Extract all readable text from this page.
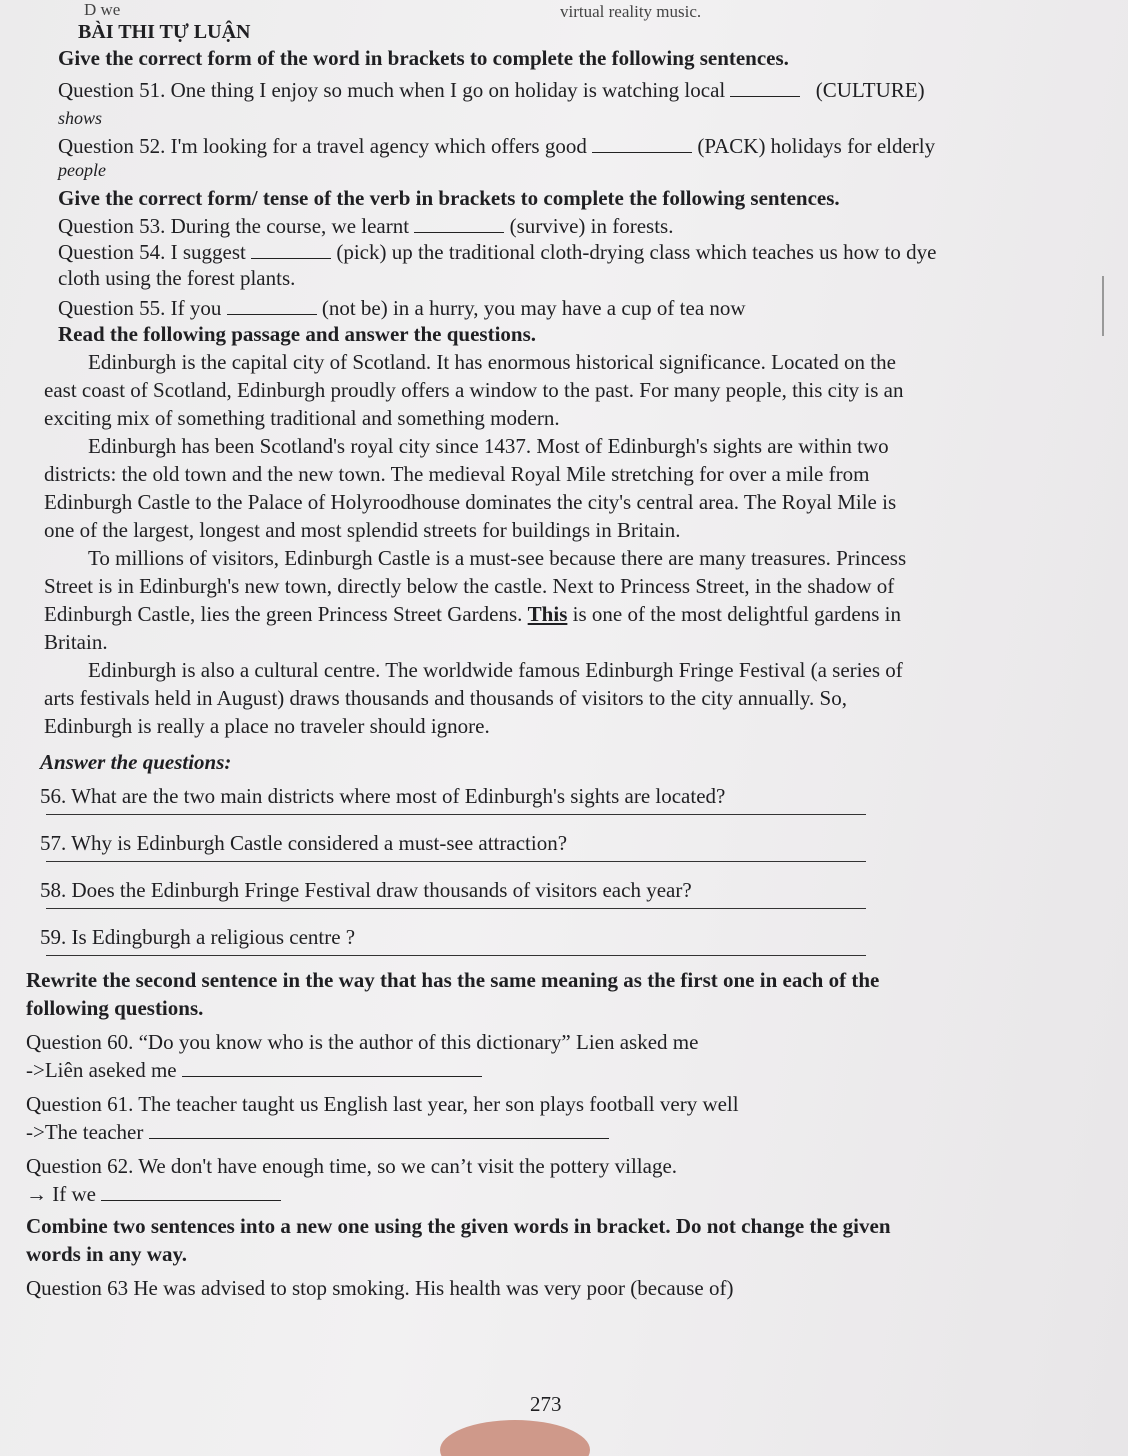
D we	virtual reality music.
BÀI THI TỰ LUẬN
Give the correct form of the word in brackets to complete the following sentences.
Question 51. One thing I enjoy so much when I go on holiday is watching local	(CULTURE)
shows
Question 52. I'm looking for a travel agency which offers good	(PACK) holidays for elderly
people
Give the correct form/ tense of the verb in brackets to complete the following sentences.
Question 53. During the course, we learnt	(survive) in forests.
Question 54. I suggest	(pick) up the traditional cloth-drying class which teaches us how to dye
cloth using the forest plants.
Question 55. If you	(not be) in a hurry, you may have a cup of tea now
Read the following passage and answer the questions.
Edinburgh is the capital city of Scotland. It has enormous historical significance. Located on the
east coast of Scotland, Edinburgh proudly offers a window to the past. For many people, this city is an
exciting mix of something traditional and something modern.
Edinburgh has been Scotland's royal city since 1437. Most of Edinburgh's sights are within two
districts: the old town and the new town. The medieval Royal Mile stretching for over a mile from
Edinburgh Castle to the Palace of Holyroodhouse dominates the city's central area. The Royal Mile is
one of the largest, longest and most splendid streets for buildings in Britain.
To millions of visitors, Edinburgh Castle is a must-see because there are many treasures. Princess
Street is in Edinburgh's new town, directly below the castle. Next to Princess Street, in the shadow of
Edinburgh Castle, lies the green Princess Street Gardens. This is one of the most delightful gardens in
Britain.
Edinburgh is also a cultural centre. The worldwide famous Edinburgh Fringe Festival (a series of
arts festivals held in August) draws thousands and thousands of visitors to the city annually. So,
Edinburgh is really a place no traveler should ignore.
Answer the questions:
56. What are the two main districts where most of Edinburgh's sights are located?
57. Why is Edinburgh Castle considered a must-see attraction?
58. Does the Edinburgh Fringe Festival draw thousands of visitors each year?
59. Is Edingburgh a religious centre ?
Rewrite the second sentence in the way that has the same meaning as the first one in each of the
following questions.
Question 60. “Do you know who is the author of this dictionary” Lien asked me
->Liên aseked me
Question 61. The teacher taught us English last year, her son plays football very well
->The teacher
Question 62. We don't have enough time, so we can’t visit the pottery village.
→ If we
Combine two sentences into a new one using the given words in bracket. Do not change the given
words in any way.
Question 63 He was advised to stop smoking. His health was very poor (because of)
273
